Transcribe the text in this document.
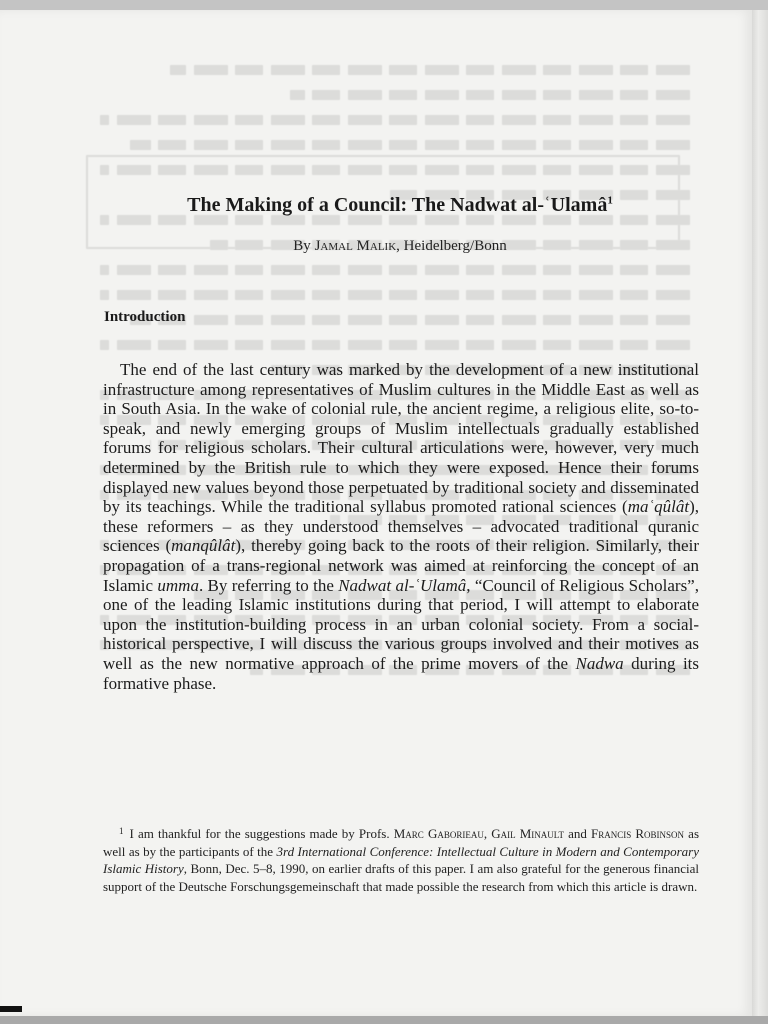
The Making of a Council: The Nadwat al-ʿUlamâ$^1$

By Jamal Malik, Heidelberg/Bonn

Introduction

The end of the last century was marked by the development of a new institutional infrastructure among representatives of Muslim cultures in the Middle East as well as in South Asia. In the wake of colonial rule, the ancient regime, a religious elite, so-to-speak, and newly emerging groups of Muslim intellectuals gradually established forums for religious scholars. Their cultural articulations were, however, very much determined by the British rule to which they were exposed. Hence their forums displayed new values beyond those perpetuated by traditional society and disseminated by its teachings. While the traditional syllabus promoted rational sciences (maʿqûlât), these reformers – as they understood themselves – advocated traditional quranic sciences (manqûlât), thereby going back to the roots of their religion. Similarly, their propagation of a trans-regional network was aimed at reinforcing the concept of an Islamic umma. By referring to the Nadwat al-ʿUlamâ, “Council of Religious Scholars”, one of the leading Islamic institutions during that period, I will attempt to elaborate upon the institution-building process in an urban colonial society. From a social-historical perspective, I will discuss the various groups involved and their motives as well as the new normative approach of the prime movers of the Nadwa during its formative phase.

$^1$ I am thankful for the suggestions made by Profs. Marc Gaborieau, Gail Minault and Francis Robinson as well as by the participants of the 3rd International Conference: Intellectual Culture in Modern and Contemporary Islamic History, Bonn, Dec. 5–8, 1990, on earlier drafts of this paper. I am also grateful for the generous financial support of the Deutsche Forschungsgemeinschaft that made possible the research from which this article is drawn.
